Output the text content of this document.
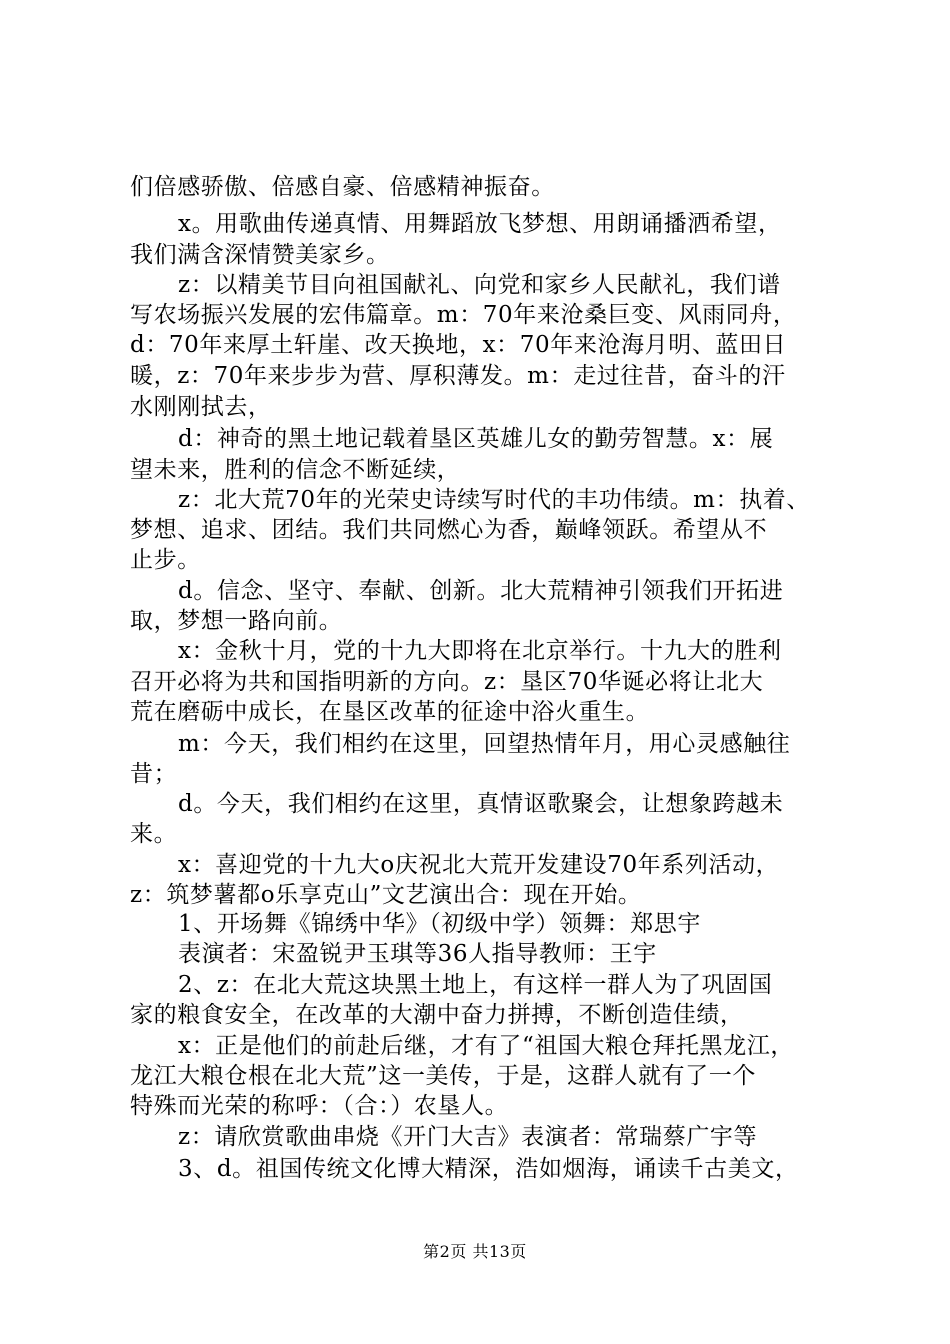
们倍感骄傲、倍感自豪、倍感精神振奋。
x。用歌曲传递真情、用舞蹈放飞梦想、用朗诵播洒希望，
我们满含深情赞美家乡。
z：以精美节目向祖国献礼、向党和家乡人民献礼，我们谱
写农场振兴发展的宏伟篇章。m：70年来沧桑巨变、风雨同舟，
d：70年来厚土轩崖、改天换地，x：70年来沧海月明、蓝田日
暖，z：70年来步步为营、厚积薄发。m：走过往昔，奋斗的汗
水刚刚拭去，
d：神奇的黑土地记载着垦区英雄儿女的勤劳智慧。x：展
望未来，胜利的信念不断延续，
z：北大荒70年的光荣史诗续写时代的丰功伟绩。m：执着、
梦想、追求、团结。我们共同燃心为香，巅峰领跃。希望从不
止步。
d。信念、坚守、奉献、创新。北大荒精神引领我们开拓进
取，梦想一路向前。
x：金秋十月，党的十九大即将在北京举行。十九大的胜利
召开必将为共和国指明新的方向。z：垦区70华诞必将让北大
荒在磨砺中成长，在垦区改革的征途中浴火重生。
m：今天，我们相约在这里，回望热情年月，用心灵感触往
昔；
d。今天，我们相约在这里，真情讴歌聚会，让想象跨越未
来。
x：喜迎党的十九大o庆祝北大荒开发建设70年系列活动，
z：筑梦薯都o乐享克山”文艺演出合：现在开始。
1、开场舞《锦绣中华》（初级中学）领舞：郑思宇
表演者：宋盈锐尹玉琪等36人指导教师：王宇
2、z：在北大荒这块黑土地上，有这样一群人为了巩固国
家的粮食安全，在改革的大潮中奋力拼搏，不断创造佳绩，
x：正是他们的前赴后继，才有了“祖国大粮仓拜托黑龙江，
龙江大粮仓根在北大荒”这一美传，于是，这群人就有了一个
特殊而光荣的称呼：（合：）农垦人。
z：请欣赏歌曲串烧《开门大吉》表演者：常瑞蔡广宇等
3、d。祖国传统文化博大精深，浩如烟海，诵读千古美文，
第2页 共13页
